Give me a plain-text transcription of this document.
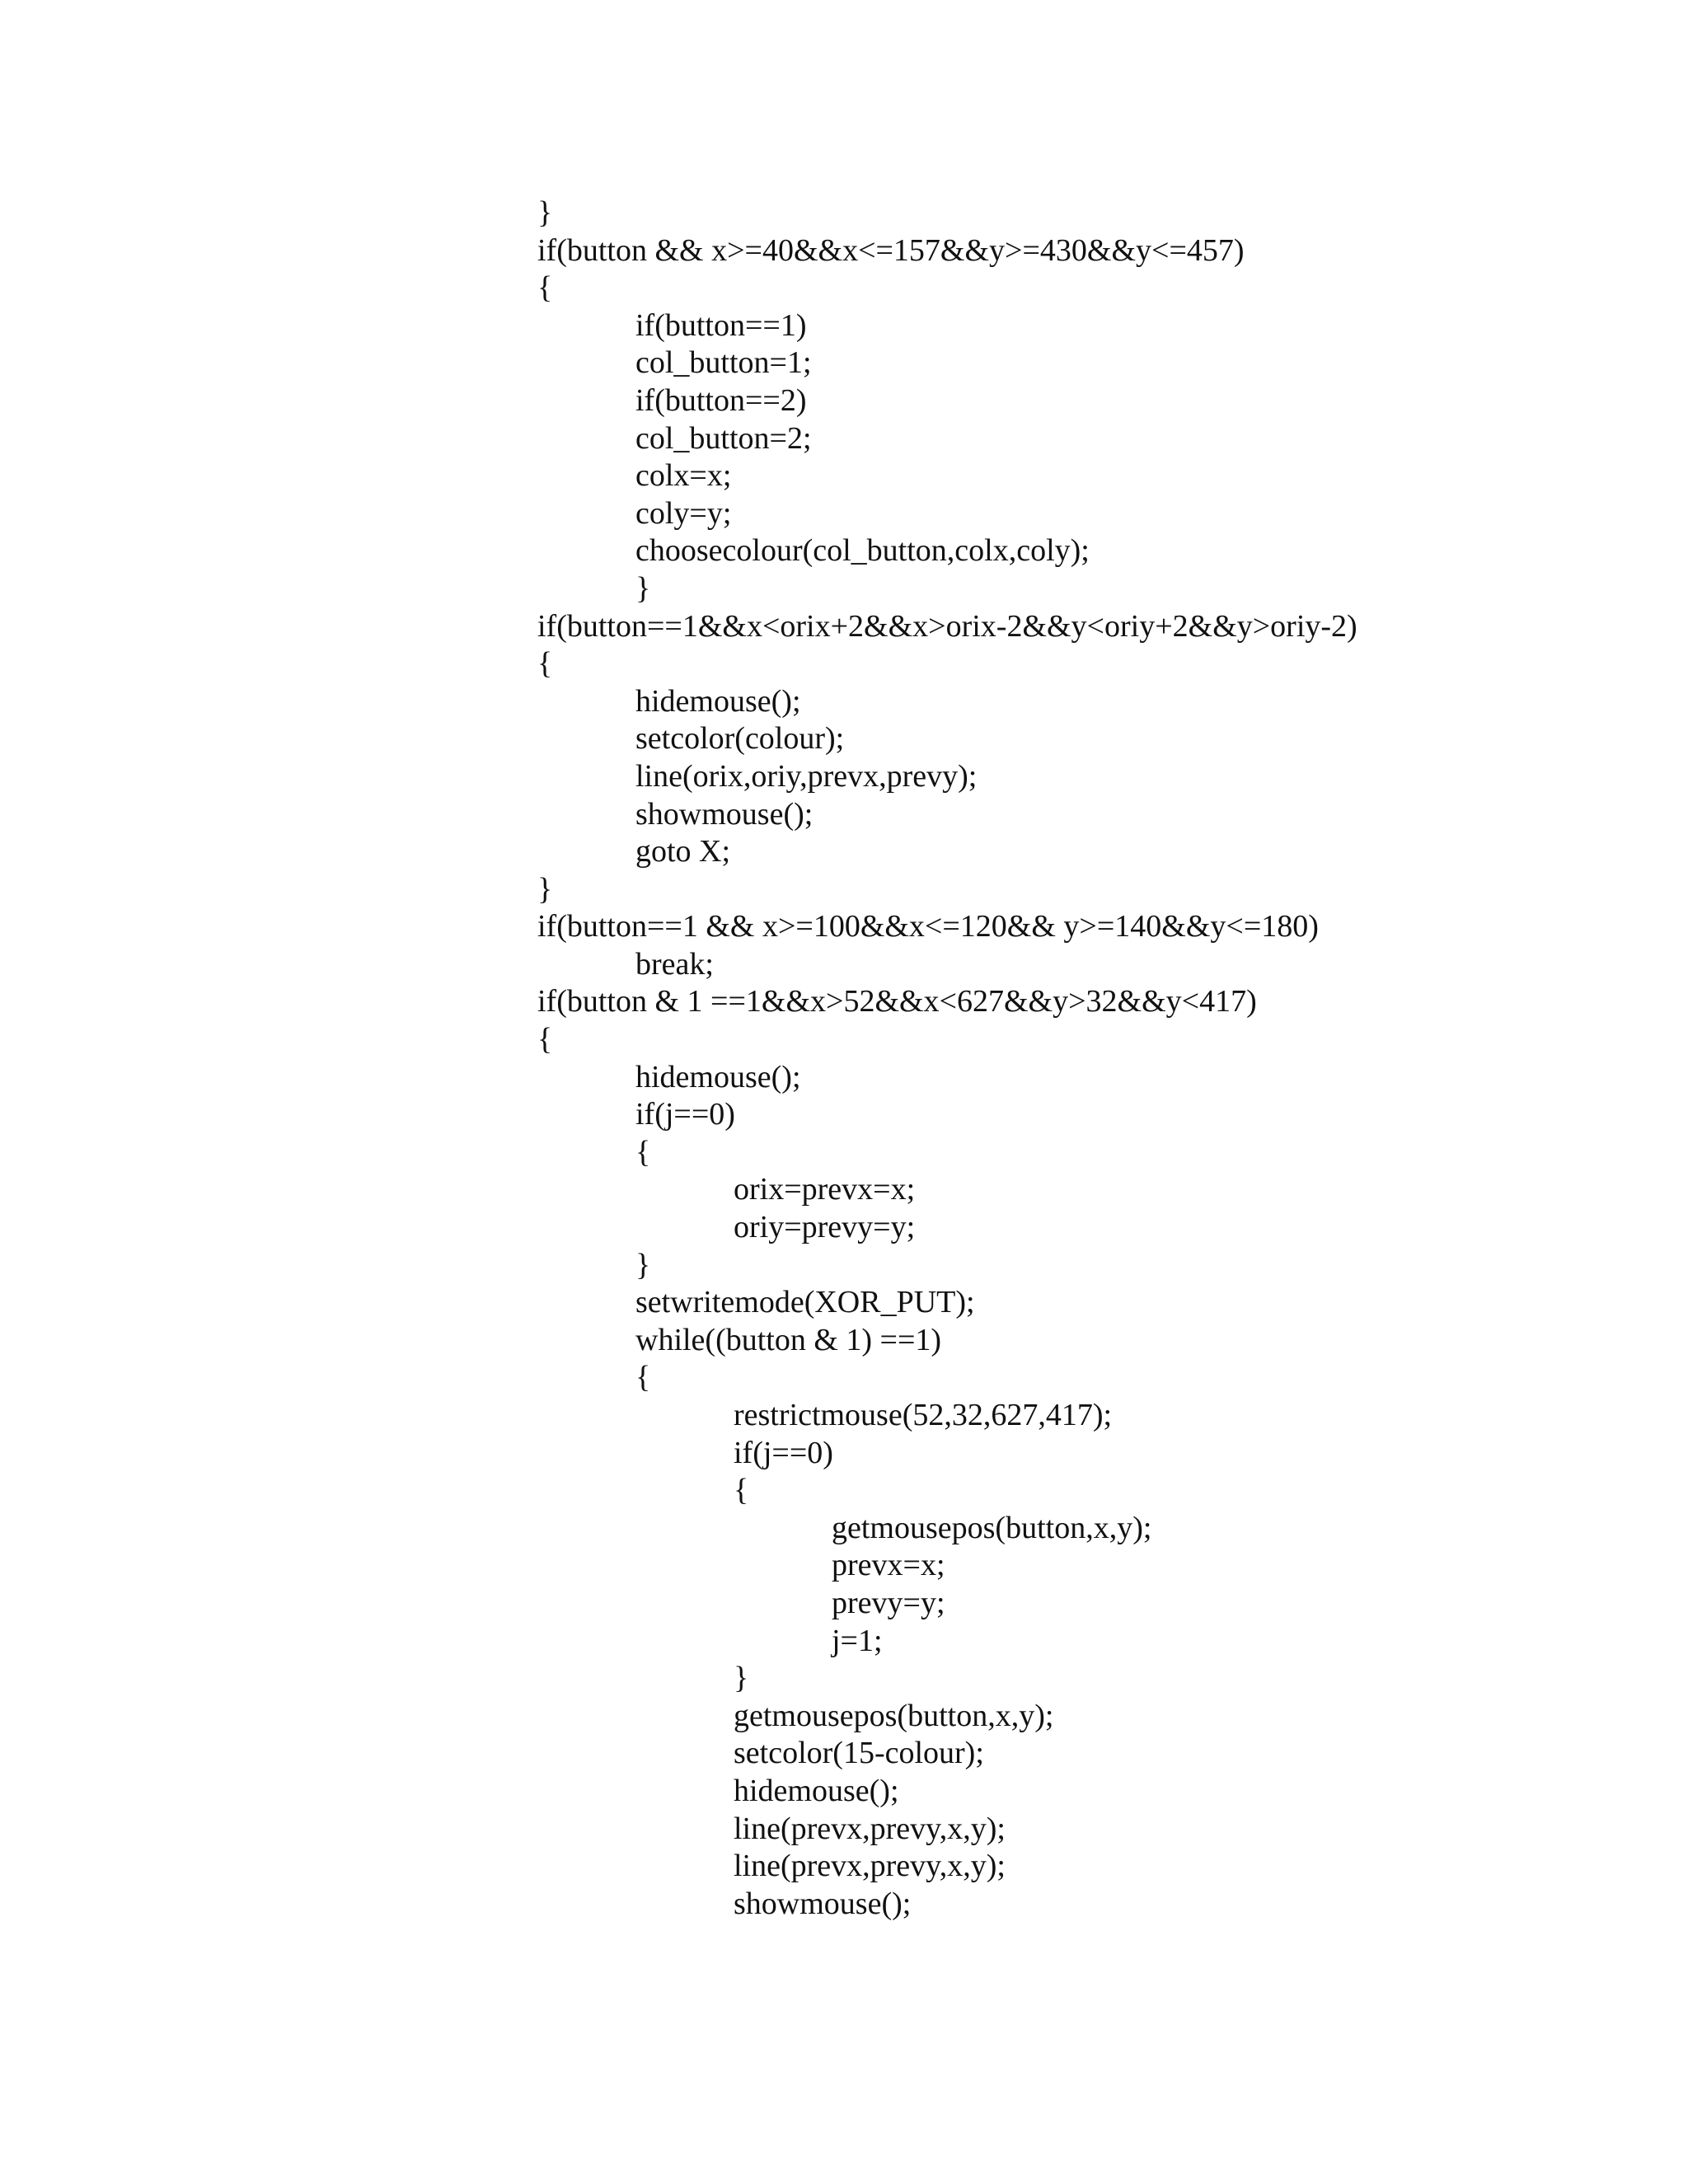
}
if(button && x>=40&&x<=157&&y>=430&&y<=457)
{
if(button==1)
col_button=1;
if(button==2)
col_button=2;
colx=x;
coly=y;
choosecolour(col_button,colx,coly);
}
if(button==1&&x<orix+2&&x>orix-2&&y<oriy+2&&y>oriy-2)
{
hidemouse();
setcolor(colour);
line(orix,oriy,prevx,prevy);
showmouse();
goto X;
}
if(button==1 && x>=100&&x<=120&& y>=140&&y<=180)
break;
if(button & 1 ==1&&x>52&&x<627&&y>32&&y<417)
{
hidemouse();
if(j==0)
{
orix=prevx=x;
oriy=prevy=y;
}
setwritemode(XOR_PUT);
while((button & 1) ==1)
{
restrictmouse(52,32,627,417);
if(j==0)
{
getmousepos(button,x,y);
prevx=x;
prevy=y;
j=1;
}
getmousepos(button,x,y);
setcolor(15-colour);
hidemouse();
line(prevx,prevy,x,y);
line(prevx,prevy,x,y);
showmouse();
